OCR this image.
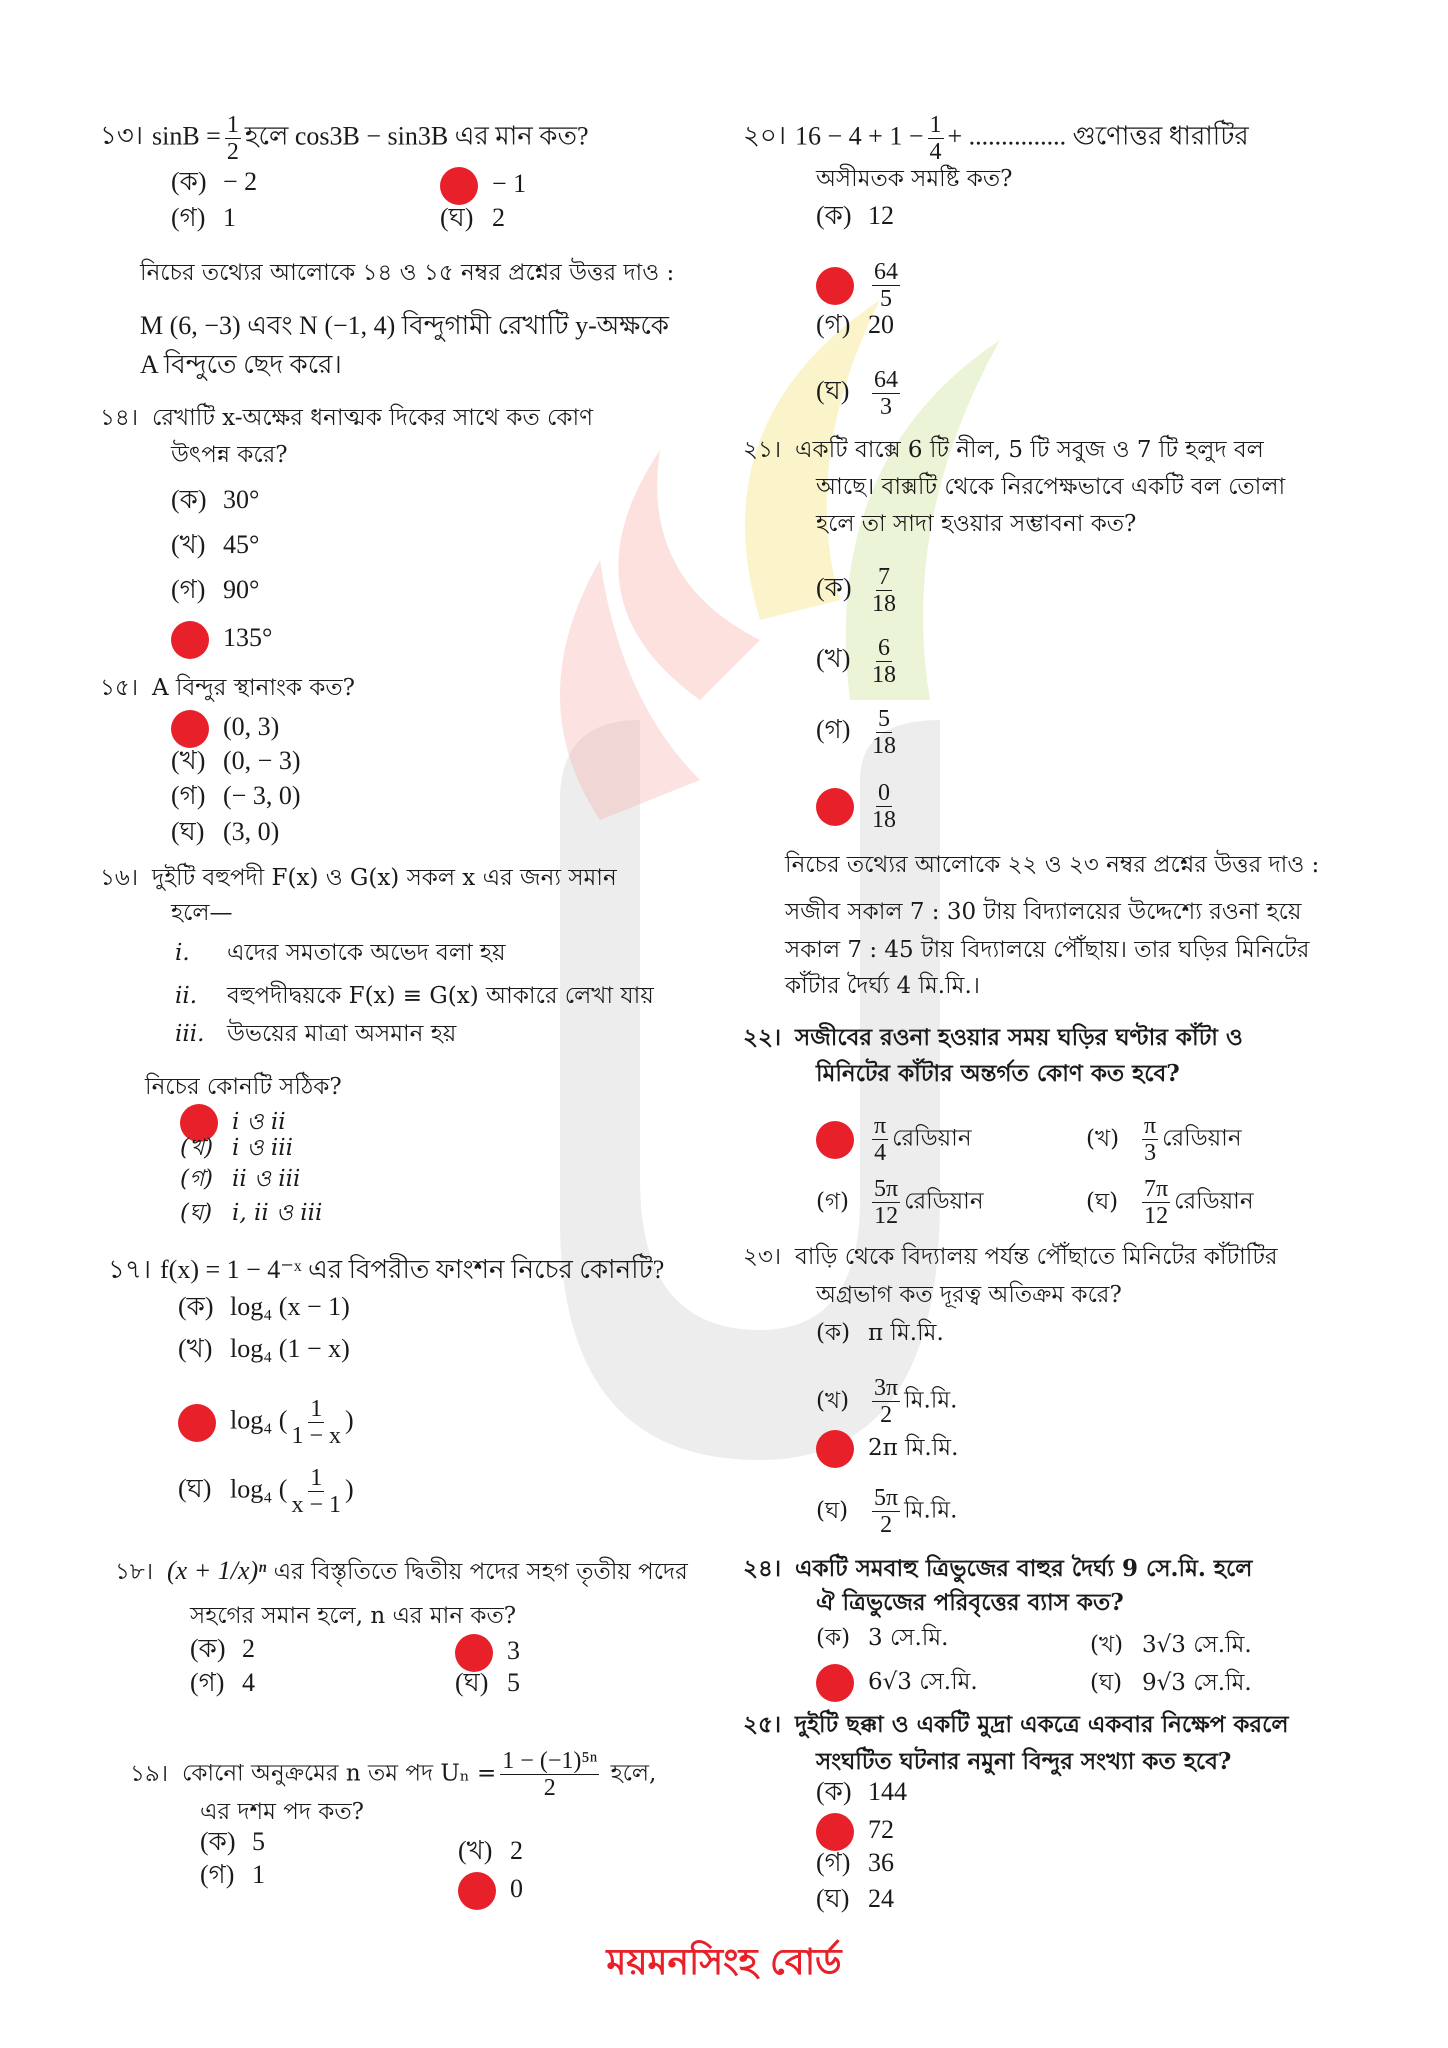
১৩। $\sin B = \frac{1}{2}$ হলে cos3B − sin3B এর মান কত?
(ক) − 2	− 1
(গ) 1	(ঘ) 2
নিচের তথ্যের আলোকে ১৪ ও ১৫ নম্বর প্রশ্নের উত্তর দাও :
M (6, −3) এবং N (−1, 4) বিন্দুগামী রেখাটি y-অক্ষকে
A বিন্দুতে ছেদ করে।
১৪। রেখাটি x-অক্ষের ধনাত্মক দিকের সাথে কত কোণ
উৎপন্ন করে?
(ক) 30°
(খ) 45°
(গ) 90°
135°
১৫। A বিন্দুর স্থানাংক কত?
(0, 3)
(খ) (0, − 3)
(গ) (− 3, 0)
(ঘ) (3, 0)
১৬। দুইটি বহুপদী F(x) ও G(x) সকল x এর জন্য সমান
হলে—
i. এদের সমতাকে অভেদ বলা হয়
ii. বহুপদীদ্বয়কে F(x) ≡ G(x) আকারে লেখা যায়
iii. উভয়ের মাত্রা অসমান হয়
নিচের কোনটি সঠিক?
i ও ii
(খ) i ও iii
(গ) ii ও iii
(ঘ) i, ii ও iii
১৭। f(x) = 1 − 4⁻ˣ এর বিপরীত ফাংশন নিচের কোনটি?
(ক) log₄ (x − 1)
(খ) log₄ (1 − x)
log₄ ( $\frac{1}{1 - x}$ )
(ঘ) log₄ ( $\frac{1}{x - 1}$ )
১৮। (x + 1/x)ⁿ এর বিস্তৃতিতে দ্বিতীয় পদের সহগ তৃতীয় পদের
সহগের সমান হলে, n এর মান কত?
(ক) 2	3
(গ) 4	(ঘ) 5
১৯। কোনো অনুক্রমের n তম পদ $U_n = \frac{\text{1 − (−1)⁵ⁿ}}{2}$ হলে,
এর দশম পদ কত?
(ক) 5	(খ) 2
(গ) 1	0
২০। $16 - 4 + 1 - \frac{1}{4}$ + ............... গুণোত্তর ধারাটির
অসীমতক সমষ্টি কত?
(ক) 12
$\frac{64}{5}$
(গ) 20
(ঘ) $\frac{64}{3}$
২১। একটি বাক্সে 6 টি নীল, 5 টি সবুজ ও 7 টি হলুদ বল
আছে। বাক্সটি থেকে নিরপেক্ষভাবে একটি বল তোলা
হলে তা সাদা হওয়ার সম্ভাবনা কত?
(ক) $\frac{7}{18}$
(খ) $\frac{6}{18}$
(গ) $\frac{5}{18}$
$\frac{0}{18}$
নিচের তথ্যের আলোকে ২২ ও ২৩ নম্বর প্রশ্নের উত্তর দাও :
সজীব সকাল 7 : 30 টায় বিদ্যালয়ের উদ্দেশ্যে রওনা হয়ে
সকাল 7 : 45 টায় বিদ্যালয়ে পৌঁছায়। তার ঘড়ির মিনিটের
কাঁটার দৈর্ঘ্য 4 মি.মি.।
২২। সজীবের রওনা হওয়ার সময় ঘড়ির ঘণ্টার কাঁটা ও
মিনিটের কাঁটার অন্তর্গত কোণ কত হবে?
$\frac{\pi}{4}$ রেডিয়ান	(খ) $\frac{\pi}{3}$ রেডিয়ান
(গ) $\frac{5\pi}{12}$ রেডিয়ান	(ঘ) $\frac{7\pi}{12}$ রেডিয়ান
২৩। বাড়ি থেকে বিদ্যালয় পর্যন্ত পৌঁছাতে মিনিটের কাঁটাটির
অগ্রভাগ কত দূরত্ব অতিক্রম করে?
(ক) π মি.মি.
(খ) $\frac{3\pi}{2}$ মি.মি.
2π মি.মি.
(ঘ) $\frac{5\pi}{2}$ মি.মি.
২৪। একটি সমবাহু ত্রিভুজের বাহুর দৈর্ঘ্য 9 সে.মি. হলে
ঐ ত্রিভুজের পরিবৃত্তের ব্যাস কত?
(ক) 3 সে.মি.	(খ) 3√3 সে.মি.
6√3 সে.মি.	(ঘ) 9√3 সে.মি.
২৫। দুইটি ছক্কা ও একটি মুদ্রা একত্রে একবার নিক্ষেপ করলে
সংঘটিত ঘটনার নমুনা বিন্দুর সংখ্যা কত হবে?
(ক) 144
72
(গ) 36
(ঘ) 24
ময়মনসিংহ বোর্ড
